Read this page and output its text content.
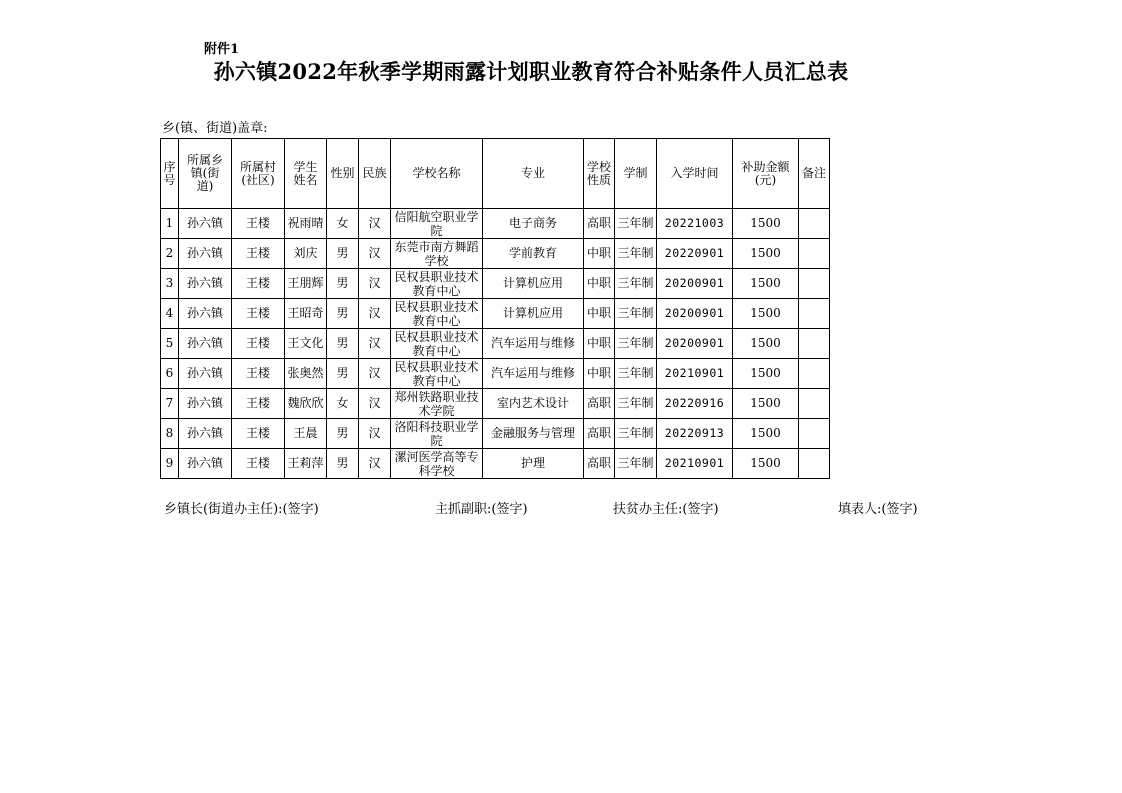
附件1
孙六镇2022年秋季学期雨露计划职业教育符合补贴条件人员汇总表
乡(镇、街道)盖章:
序号	所属乡镇(街道)	所属村(社区)	学生姓名	性别	民族	学校名称	专业	学校性质	学制	入学时间	补助金额(元)	备注
1	孙六镇	王楼	祝雨晴	女	汉	信阳航空职业学院	电子商务	高职	三年制	20221003	1500	
2	孙六镇	王楼	刘庆	男	汉	东莞市南方舞蹈学校	学前教育	中职	三年制	20220901	1500	
3	孙六镇	王楼	王朋辉	男	汉	民权县职业技术教育中心	计算机应用	中职	三年制	20200901	1500	
4	孙六镇	王楼	王昭奇	男	汉	民权县职业技术教育中心	计算机应用	中职	三年制	20200901	1500	
5	孙六镇	王楼	王文化	男	汉	民权县职业技术教育中心	汽车运用与维修	中职	三年制	20200901	1500	
6	孙六镇	王楼	张奥然	男	汉	民权县职业技术教育中心	汽车运用与维修	中职	三年制	20210901	1500	
7	孙六镇	王楼	魏欣欣	女	汉	郑州铁路职业技术学院	室内艺术设计	高职	三年制	20220916	1500	
8	孙六镇	王楼	王晨	男	汉	洛阳科技职业学院	金融服务与管理	高职	三年制	20220913	1500	
9	孙六镇	王楼	王莉萍	男	汉	漯河医学高等专科学校	护理	高职	三年制	20210901	1500	
乡镇长(街道办主任):(签字)	主抓副职:(签字)	扶贫办主任:(签字)	填表人:(签字)
